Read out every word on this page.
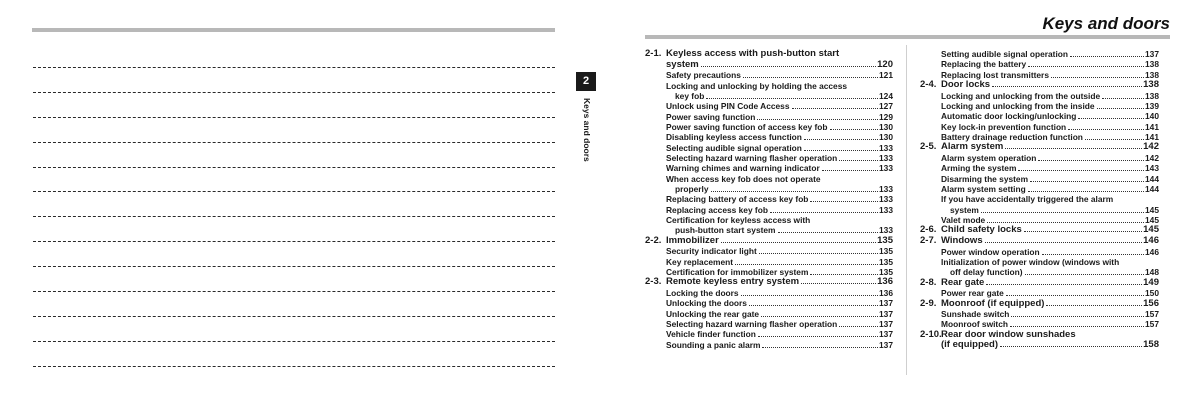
Keys and doors
2-1. Keyless access with push-button start
system	120
Safety precautions	121
Locking and unlocking by holding the access
key fob	124
Unlock using PIN Code Access	127
Power saving function	129
Power saving function of access key fob	130
Disabling keyless access function	130
Selecting audible signal operation	133
Selecting hazard warning flasher operation	133
Warning chimes and warning indicator	133
When access key fob does not operate
properly	133
Replacing battery of access key fob	133
Replacing access key fob	133
Certification for keyless access with
push-button start system	133
2-2. Immobilizer	135
Security indicator light	135
Key replacement	135
Certification for immobilizer system	135
2-3. Remote keyless entry system	136
Locking the doors	136
Unlocking the doors	137
Unlocking the rear gate	137
Selecting hazard warning flasher operation	137
Vehicle finder function	137
Sounding a panic alarm	137
Setting audible signal operation	137
Replacing the battery	138
Replacing lost transmitters	138
2-4. Door locks	138
Locking and unlocking from the outside	138
Locking and unlocking from the inside	139
Automatic door locking/unlocking	140
Key lock-in prevention function	141
Battery drainage reduction function	141
2-5. Alarm system	142
Alarm system operation	142
Arming the system	143
Disarming the system	144
Alarm system setting	144
If you have accidentally triggered the alarm
system	145
Valet mode	145
2-6. Child safety locks	145
2-7. Windows	146
Power window operation	146
Initialization of power window (windows with
off delay function)	148
2-8. Rear gate	149
Power rear gate	150
2-9. Moonroof (if equipped)	156
Sunshade switch	157
Moonroof switch	157
2-10. Rear door window sunshades
(if equipped)	158
2
Keys and doors
